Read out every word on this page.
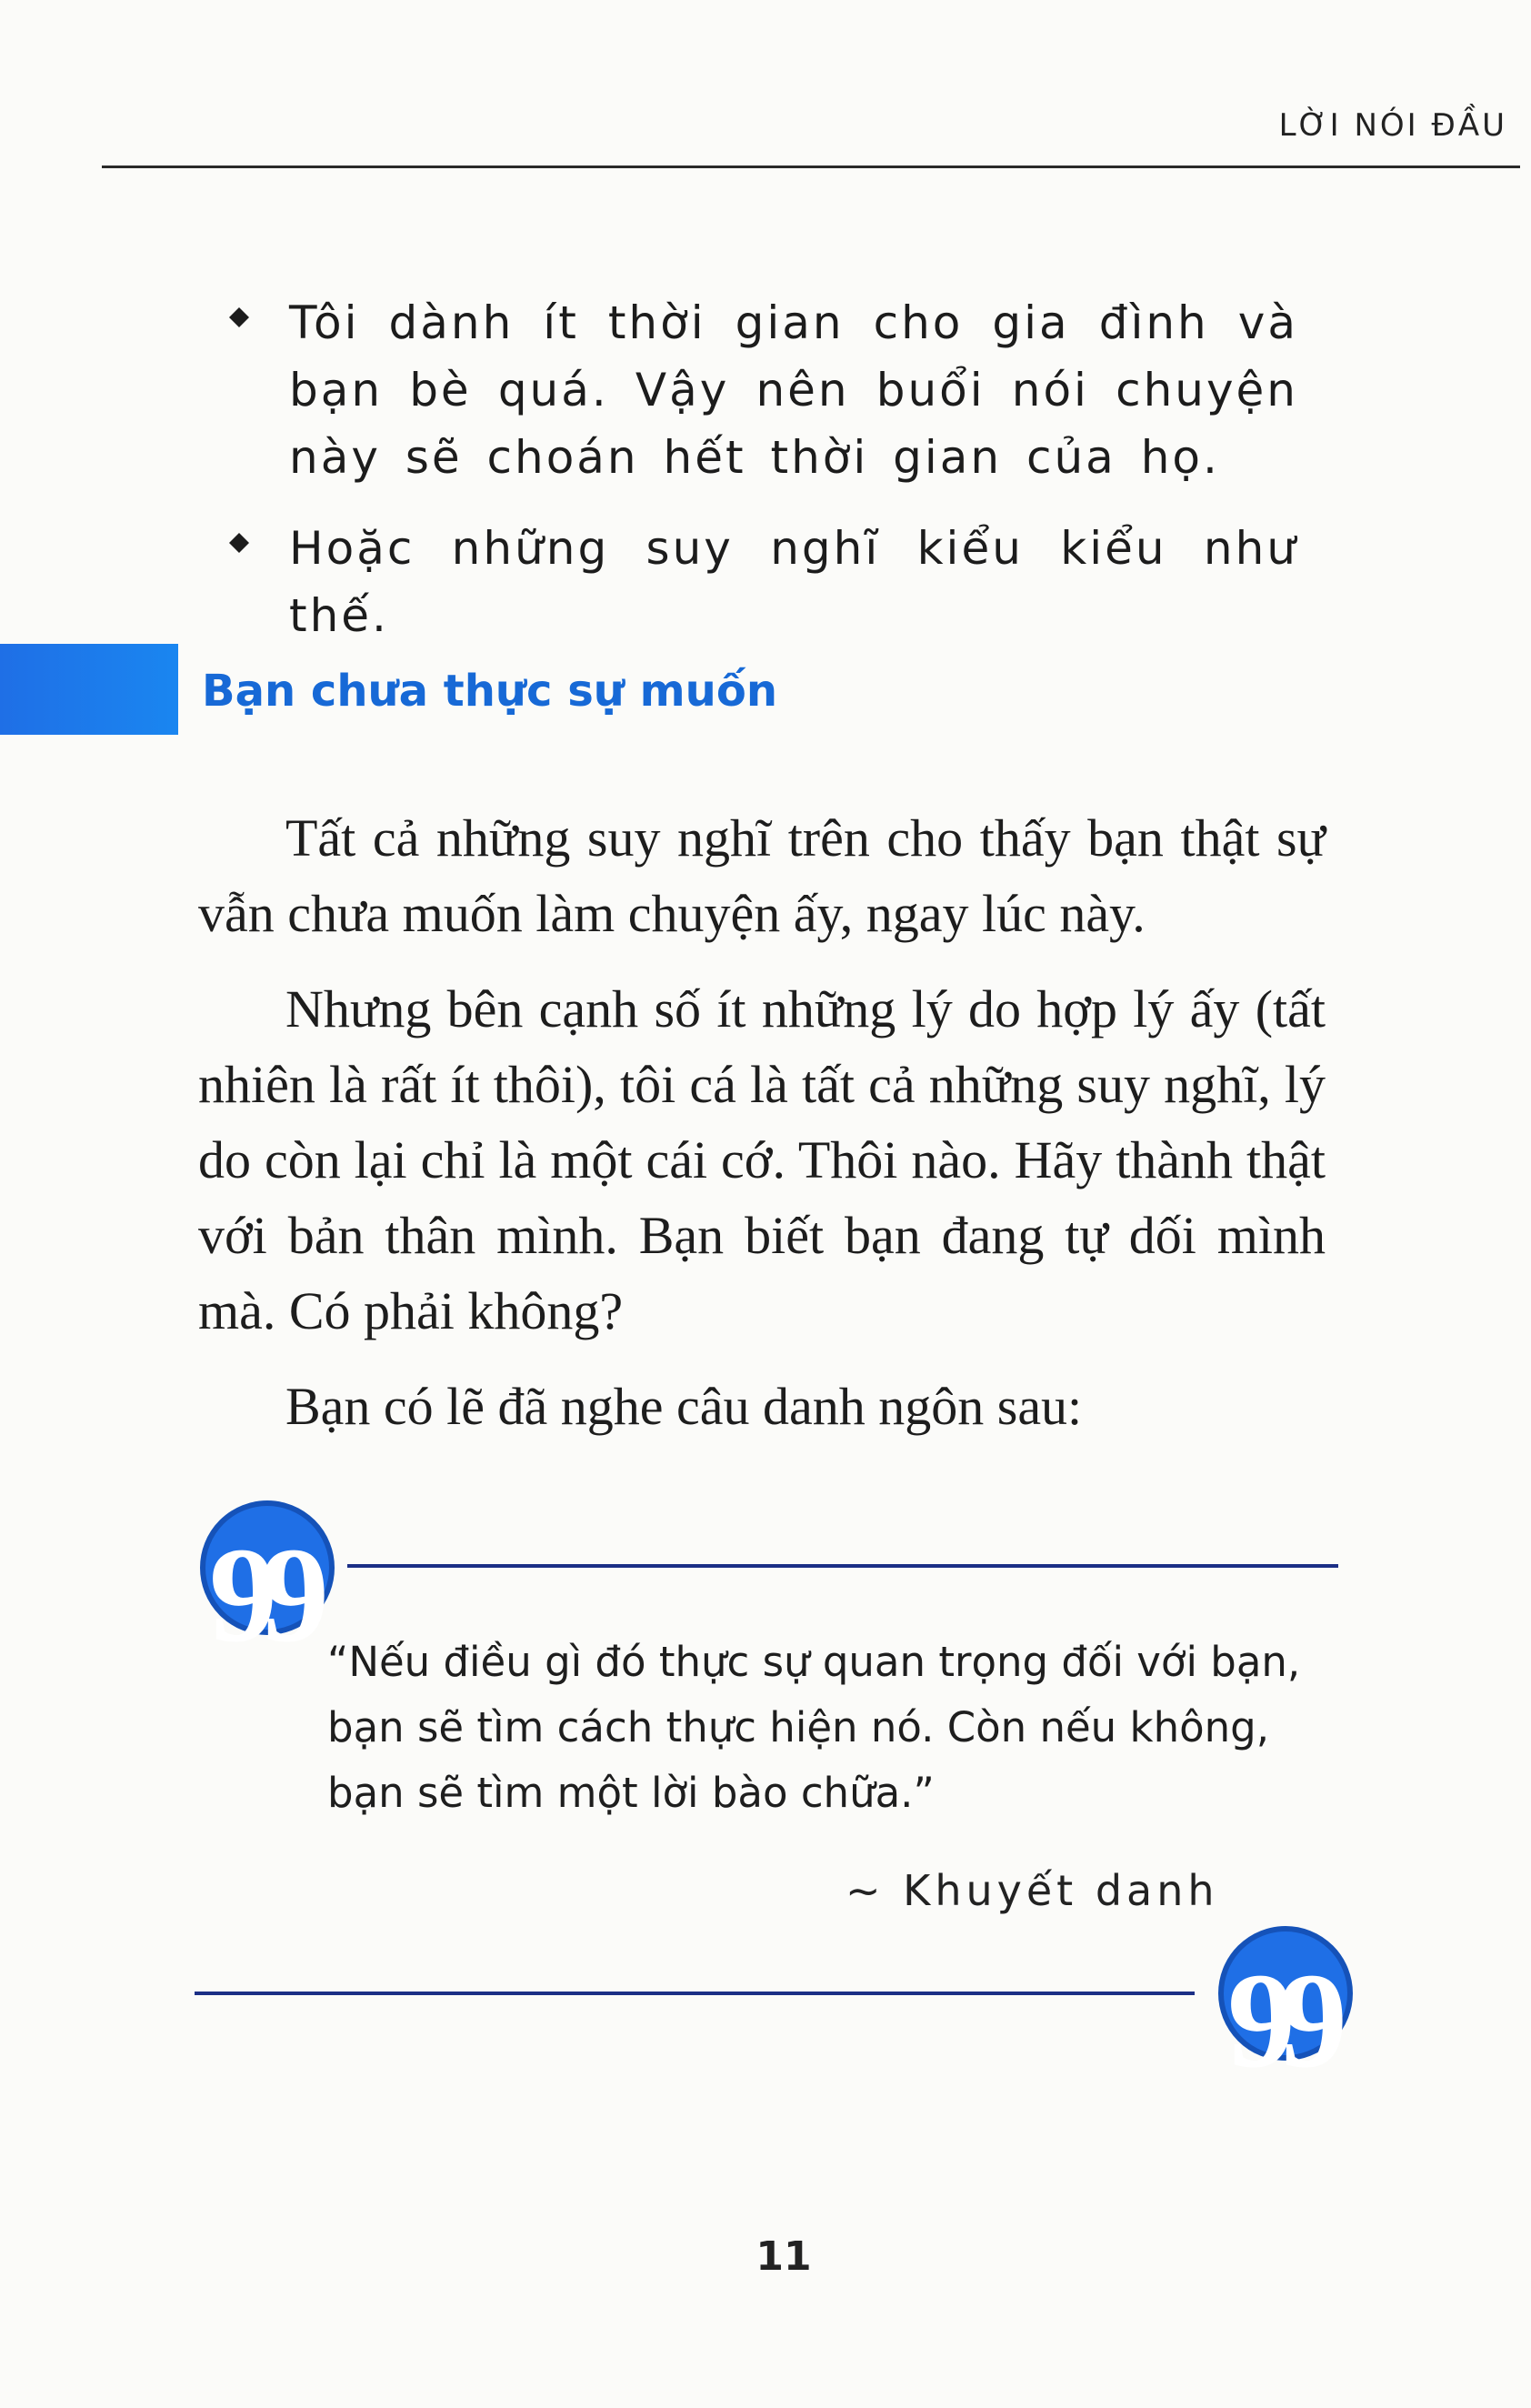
LỜI NÓI ĐẦU
Tôi dành ít thời gian cho gia đình và bạn bè quá. Vậy nên buổi nói chuyện này sẽ choán hết thời gian của họ.
Hoặc những suy nghĩ kiểu kiểu như thế.
Bạn chưa thực sự muốn

Tất cả những suy nghĩ trên cho thấy bạn thật sự vẫn chưa muốn làm chuyện ấy, ngay lúc này.

Nhưng bên cạnh số ít những lý do hợp lý ấy (tất nhiên là rất ít thôi), tôi cá là tất cả những suy nghĩ, lý do còn lại chỉ là một cái cớ. Thôi nào. Hãy thành thật với bản thân mình. Bạn biết bạn đang tự dối mình mà. Có phải không?

Bạn có lẽ đã nghe câu danh ngôn sau:

99 “Nếu điều gì đó thực sự quan trọng đối với bạn, bạn sẽ tìm cách thực hiện nó. Còn nếu không, bạn sẽ tìm một lời bào chữa.”

~ Khuyết danh
99
11
